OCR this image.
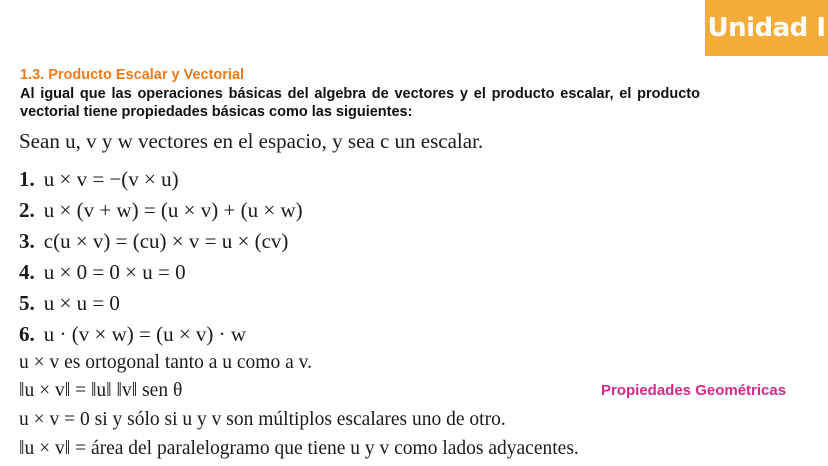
Unidad I
1.3. Producto Escalar y Vectorial
Al igual que las operaciones básicas del algebra de vectores y el producto escalar, el producto vectorial tiene propiedades básicas como las siguientes:
Sean u, v y w vectores en el espacio, y sea c un escalar.
1. u × v = −(v × u)
2. u × (v + w) = (u × v) + (u × w)
3. c(u × v) = (cu) × v = u × (cv)
4. u × 0 = 0 × u = 0
5. u × u = 0
6. u · (v × w) = (u × v) · w
u × v es ortogonal tanto a u como a v.
‖u × v‖ = ‖u‖ ‖v‖ sen θ	Propiedades Geométricas
u × v = 0 si y sólo si u y v son múltiplos escalares uno de otro.
‖u × v‖ = área del paralelogramo que tiene u y v como lados adyacentes.
